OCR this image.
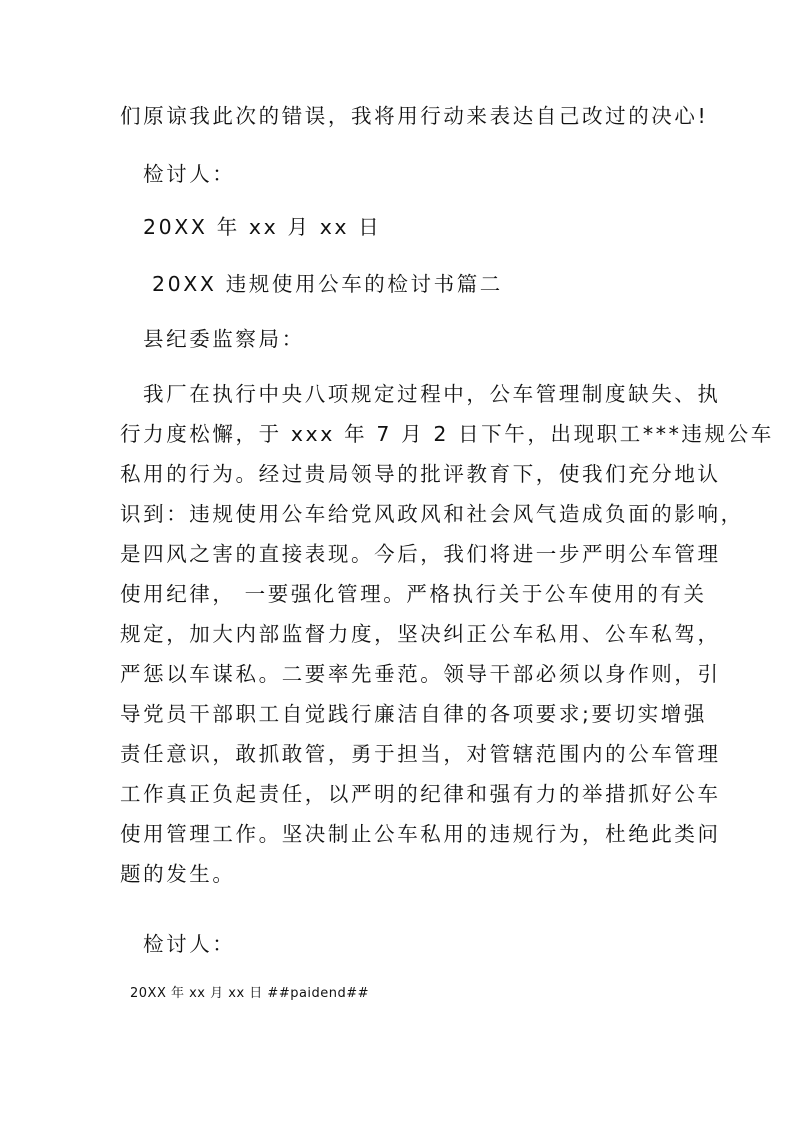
们原谅我此次的错误，我将用行动来表达自己改过的决心!
检讨人：
20XX 年 xx 月 xx 日
20XX 违规使用公车的检讨书篇二
县纪委监察局：
我厂在执行中央八项规定过程中，公车管理制度缺失、执
行力度松懈，于 xxx 年 7 月 2 日下午，出现职工***违规公车
私用的行为。经过贵局领导的批评教育下，使我们充分地认
识到：违规使用公车给党风政风和社会风气造成负面的影响，
是四风之害的直接表现。今后，我们将进一步严明公车管理
使用纪律， 一要强化管理。严格执行关于公车使用的有关
规定，加大内部监督力度，坚决纠正公车私用、公车私驾，
严惩以车谋私。二要率先垂范。领导干部必须以身作则，引
导党员干部职工自觉践行廉洁自律的各项要求;要切实增强
责任意识，敢抓敢管，勇于担当，对管辖范围内的公车管理
工作真正负起责任，以严明的纪律和强有力的举措抓好公车
使用管理工作。坚决制止公车私用的违规行为，杜绝此类问
题的发生。
检讨人：
20XX 年 xx 月 xx 日 ##paidend##
